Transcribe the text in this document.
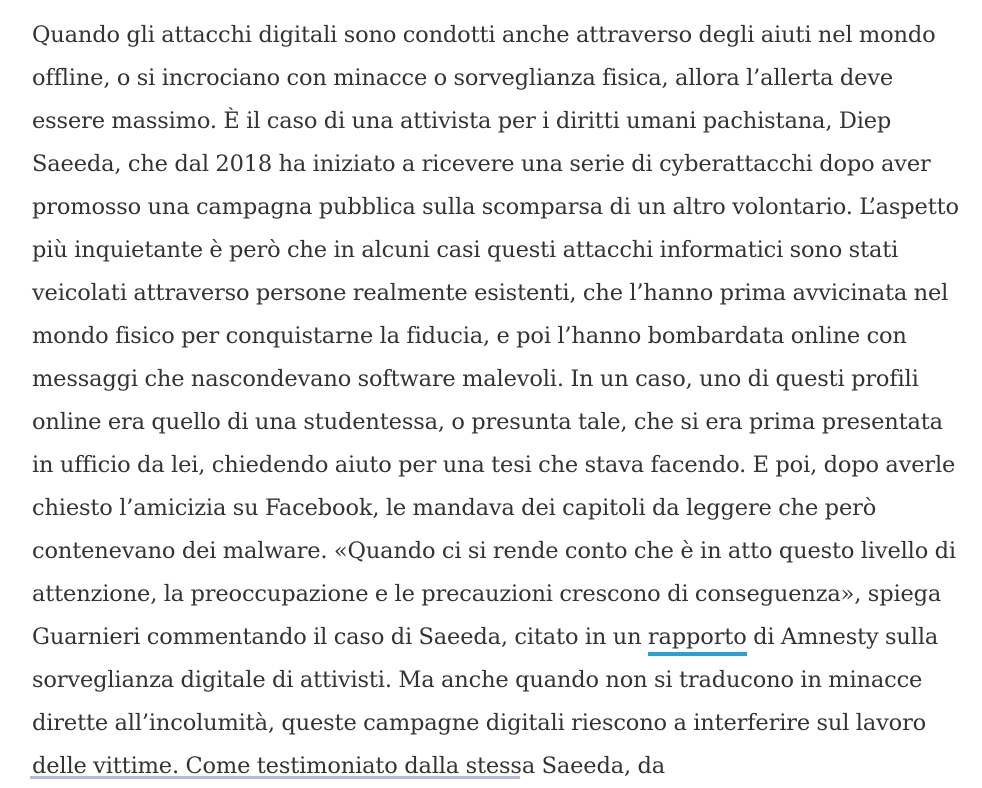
Quando gli attacchi digitali sono condotti anche attraverso degli aiuti nel mondo offline, o si incrociano con minacce o sorveglianza fisica, allora l’allerta deve essere massimo. È il caso di una attivista per i diritti umani pachistana, Diep Saeeda, che dal 2018 ha iniziato a ricevere una serie di cyberattacchi dopo aver promosso una campagna pubblica sulla scomparsa di un altro volontario. L’aspetto più inquietante è però che in alcuni casi questi attacchi informatici sono stati veicolati attraverso persone realmente esistenti, che l’hanno prima avvicinata nel mondo fisico per conquistarne la fiducia, e poi l’hanno bombardata online con messaggi che nascondevano software malevoli. In un caso, uno di questi profili online era quello di una studentessa, o presunta tale, che si era prima presentata in ufficio da lei, chiedendo aiuto per una tesi che stava facendo. E poi, dopo averle chiesto l’amicizia su Facebook, le mandava dei capitoli da leggere che però contenevano dei malware. «Quando ci si rende conto che è in atto questo livello di attenzione, la preoccupazione e le precauzioni crescono di conseguenza», spiega Guarnieri commentando il caso di Saeeda, citato in un rapporto di Amnesty sulla sorveglianza digitale di attivisti. Ma anche quando non si traducono in minacce dirette all’incolumità, queste campagne digitali riescono a interferire sul lavoro delle vittime. Come testimoniato dalla stessa Saeeda, da
